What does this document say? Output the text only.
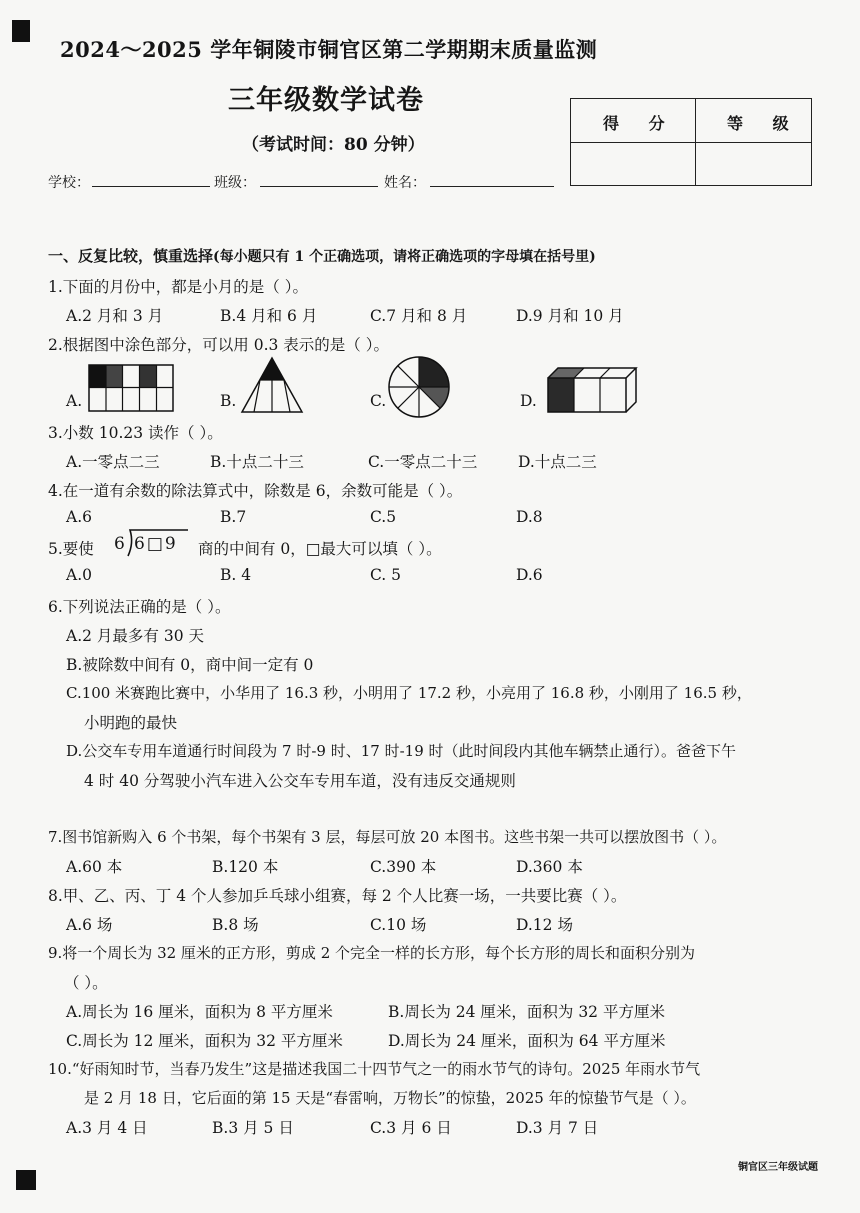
2024～2025 学年铜陵市铜官区第二学期期末质量监测
三年级数学试卷
（考试时间：80 分钟）
得 分	等 级
学校：	班级：	姓名：
一、反复比较，慎重选择(每小题只有 1 个正确选项，请将正确选项的字母填在括号里)
1.下面的月份中，都是小月的是（ ）。
A.2 月和 3 月	B.4 月和 6 月	C.7 月和 8 月	D.9 月和 10 月
2.根据图中涂色部分，可以用 0.3 表示的是（ ）。
A.	B.	C.	D.
3.小数 10.23 读作（ ）。
A.一零点二三	B.十点二十三	C.一零点二十三	D.十点二三
4.在一道有余数的除法算式中，除数是 6，余数可能是（ ）。
A.6	B.7	C.5	D.8
5.要使 6 6□9 商的中间有 0，□最大可以填（ ）。
A.0	B. 4	C. 5	D.6
6.下列说法正确的是（ ）。
A.2 月最多有 30 天
B.被除数中间有 0，商中间一定有 0
C.100 米赛跑比赛中，小华用了 16.3 秒，小明用了 17.2 秒，小亮用了 16.8 秒，小刚用了 16.5 秒，
小明跑的最快
D.公交车专用车道通行时间段为 7 时-9 时、17 时-19 时（此时间段内其他车辆禁止通行）。爸爸下午
4 时 40 分驾驶小汽车进入公交车专用车道，没有违反交通规则
7.图书馆新购入 6 个书架，每个书架有 3 层，每层可放 20 本图书。这些书架一共可以摆放图书（ ）。
A.60 本	B.120 本	C.390 本	D.360 本
8.甲、乙、丙、丁 4 个人参加乒乓球小组赛，每 2 个人比赛一场，一共要比赛（ ）。
A.6 场	B.8 场	C.10 场	D.12 场
9.将一个周长为 32 厘米的正方形，剪成 2 个完全一样的长方形，每个长方形的周长和面积分别为
（ ）。
A.周长为 16 厘米，面积为 8 平方厘米	B.周长为 24 厘米，面积为 32 平方厘米
C.周长为 12 厘米，面积为 32 平方厘米	D.周长为 24 厘米，面积为 64 平方厘米
10.“好雨知时节，当春乃发生”这是描述我国二十四节气之一的雨水节气的诗句。2025 年雨水节气
是 2 月 18 日，它后面的第 15 天是“春雷响，万物长”的惊蛰，2025 年的惊蛰节气是（ ）。
A.3 月 4 日	B.3 月 5 日	C.3 月 6 日	D.3 月 7 日
铜官区三年级试题
